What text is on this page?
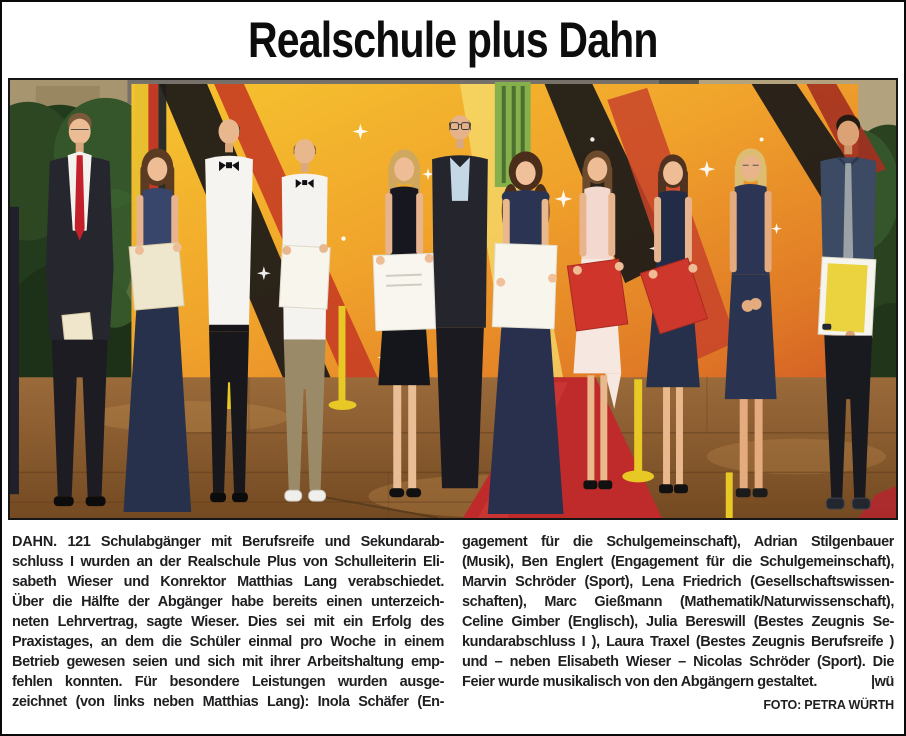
Realschule plus Dahn
DAHN. 121 Schulabgänger mit Berufsreife und Sekundarab-
schluss I wurden an der Realschule Plus von Schulleiterin Eli-
sabeth Wieser und Konrektor Matthias Lang verabschiedet.
Über die Hälfte der Abgänger habe bereits einen unterzeich-
neten Lehrvertrag, sagte Wieser. Dies sei mit ein Erfolg des
Praxistages, an dem die Schüler einmal pro Woche in einem
Betrieb gewesen seien und sich mit ihrer Arbeitshaltung emp-
fehlen konnten. Für besondere Leistungen wurden ausge-
zeichnet (von links neben Matthias Lang): Inola Schäfer (En-
gagement für die Schulgemeinschaft), Adrian Stilgenbauer
(Musik), Ben Englert (Engagement für die Schulgemeinschaft),
Marvin Schröder (Sport), Lena Friedrich (Gesellschaftswissen-
schaften), Marc Gießmann (Mathematik/Naturwissenschaft),
Celine Gimber (Englisch), Julia Bereswill (Bestes Zeugnis Se-
kundarabschluss I ), Laura Traxel (Bestes Zeugnis Berufsreife )
und – neben Elisabeth Wieser – Nicolas Schröder (Sport). Die
Feier wurde musikalisch von den Abgängern gestaltet.	|wü
FOTO: PETRA WÜRTH
